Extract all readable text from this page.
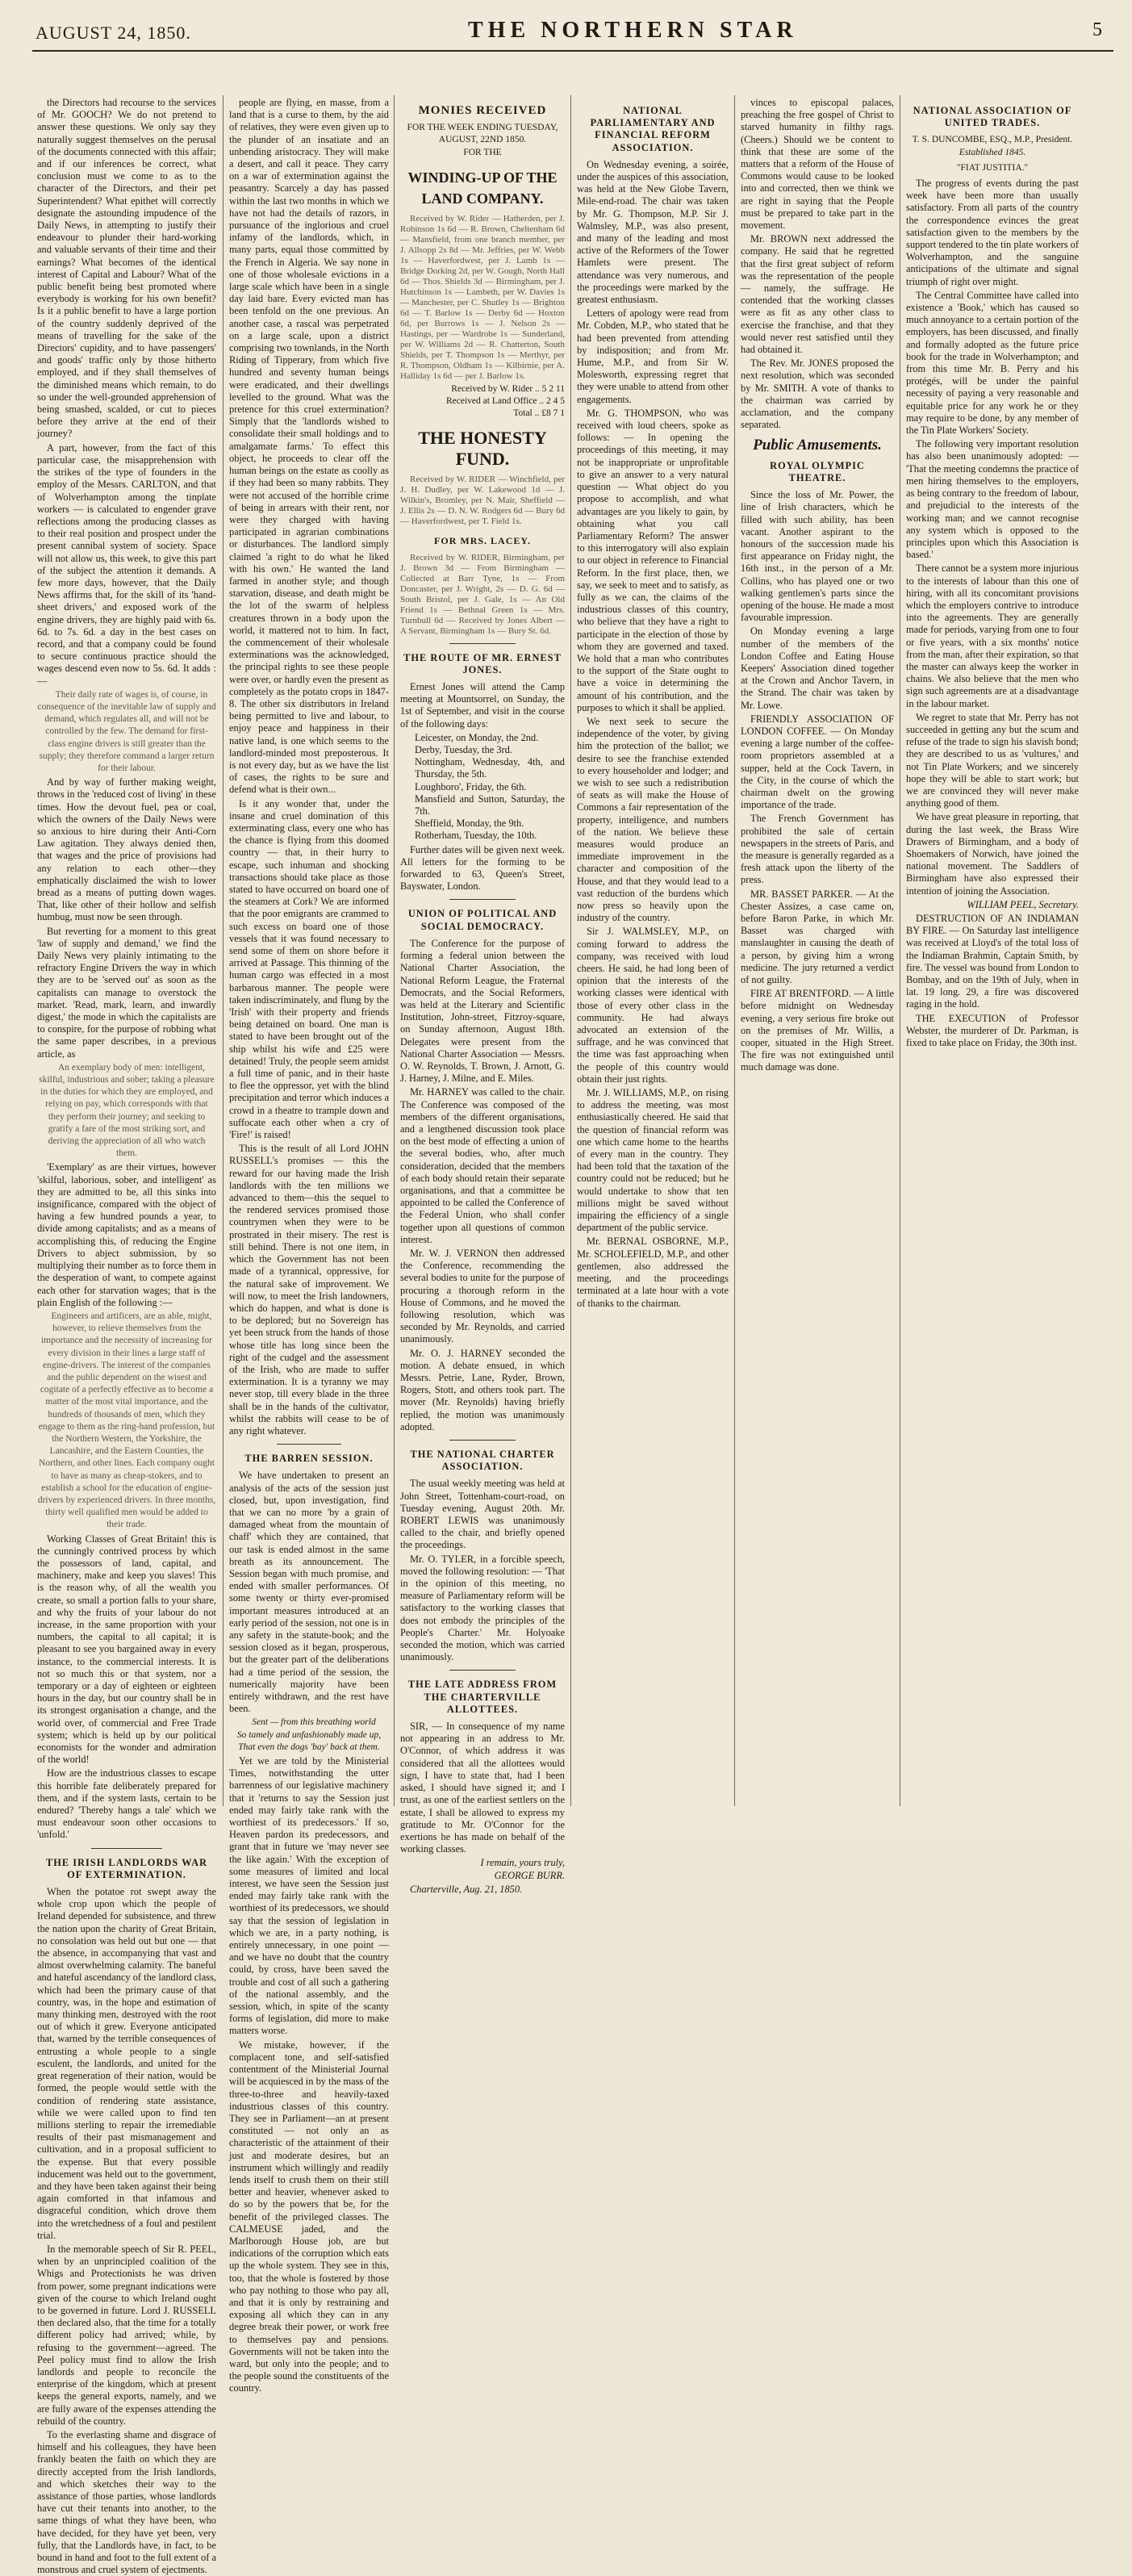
AUGUST 24, 1850.	THE NORTHERN STAR	5

the Directors had recourse to the services of Mr. GOOCH? We do not pretend to answer these questions. We only say they naturally suggest themselves on the perusal of the documents connected with this affair; and if our inferences be correct, what conclusion must we come to as to the character of the Directors, and their pet Superintendent? What epithet will correctly designate the astounding impudence of the Daily News, in attempting to justify their endeavour to plunder their hard-working and valuable servants of their time and their earnings? What becomes of the identical interest of Capital and Labour? What of the public benefit being best promoted where everybody is working for his own benefit? Is it a public benefit to have a large portion of the country suddenly deprived of the means of travelling for the sake of the Directors' cupidity, and to have passengers' and goods' traffic only by those hitherto employed, and if they shall themselves of the diminished means which remain, to do so under the well-grounded apprehension of being smashed, scalded, or cut to pieces before they arrive at the end of their journey?

A part, however, from the fact of this particular case, the misapprehension with the strikes of the type of founders in the employ of the Messrs. CARLTON, and that of Wolverhampton among the tinplate workers — is calculated to engender grave reflections among the producing classes as to their real position and prospect under the present cannibal system of society. Space will not allow us, this week, to give this part of the subject the attention it demands. A few more days, however, that the Daily News affirms that, for the skill of its 'hand-sheet drivers,' and exposed work of the engine drivers, they are highly paid with 6s. 6d. to 7s. 6d. a day in the best cases on record, and that a company could be found to secure continuous practice should the wages descend even now to 5s. 6d. It adds :—

Their daily rate of wages is, of course, in consequence of the inevitable law of supply and demand, which regulates all, and will not be controlled by the few. The demand for first-class engine drivers is still greater than the supply; they therefore command a larger return for their labour.

And by way of further making weight, throws in the 'reduced cost of living' in these times. How the devout fuel, pea or coal, which the owners of the Daily News were so anxious to hire during their Anti-Corn Law agitation. They always denied then, that wages and the price of provisions had any relation to each other—they emphatically disclaimed the wish to lower bread as a means of putting down wages. That, like other of their hollow and selfish humbug, must now be seen through.

But reverting for a moment to this great 'law of supply and demand,' we find the Daily News very plainly intimating to the refractory Engine Drivers the way in which they are to be 'served out' as soon as the capitalists can manage to overstock the market. 'Read, mark, learn, and inwardly digest,' the mode in which the capitalists are to conspire, for the purpose of robbing what the same paper describes, in a previous article, as

An exemplary body of men: intelligent, skilful, industrious and sober; taking a pleasure in the duties for which they are employed, and relying on pay, which corresponds with that they perform their journey; and seeking to gratify a fare of the most striking sort, and deriving the appreciation of all who watch them.

'Exemplary' as are their virtues, however 'skilful, laborious, sober, and intelligent' as they are admitted to be, all this sinks into insignificance, compared with the object of having a few hundred pounds a year, to divide among capitalists; and as a means of accomplishing this, of reducing the Engine Drivers to abject submission, by so multiplying their number as to force them in the desperation of want, to compete against each other for starvation wages; that is the plain English of the following :—

Engineers and artificers, are as able, might, however, to relieve themselves from the importance and the necessity of increasing for every division in their lines a large staff of engine-drivers. The interest of the companies and the public dependent on the wisest and cogitate of a perfectly effective as to become a matter of the most vital importance, and the hundreds of thousands of men, which they engage to them as the ring-hand profession, but the Northern Western, the Yorkshire, the Lancashire, and the Eastern Counties, the Northern, and other lines. Each company ought to have as many as cheap-stokers, and to establish a school for the education of engine-drivers by experienced drivers. In three months, thirty well qualified men would be added to their trade.

Working Classes of Great Britain! this is the cunningly contrived process by which the possessors of land, capital, and machinery, make and keep you slaves! This is the reason why, of all the wealth you create, so small a portion falls to your share, and why the fruits of your labour do not increase, in the same proportion with your numbers, the capital to all capital; it is pleasant to see you bargained away in every instance, to the commercial interests. It is not so much this or that system, nor a temporary or a day of eighteen or eighteen hours in the day, but our country shall be in its strongest organisation a change, and the world over, of commercial and Free Trade system; which is held up by our political economists for the wonder and admiration of the world!

How are the industrious classes to escape this horrible fate deliberately prepared for them, and if the system lasts, certain to be endured? 'Thereby hangs a tale' which we must endeavour soon other occasions to 'unfold.'

THE IRISH LANDLORDS WAR OF EXTERMINATION.

When the potatoe rot swept away the whole crop upon which the people of Ireland depended for subsistence, and threw the nation upon the charity of Great Britain, no consolation was held out but one — that the absence, in accompanying that vast and almost overwhelming calamity. The baneful and hateful ascendancy of the landlord class, which had been the primary cause of that country, was, in the hope and estimation of many thinking men, destroyed with the root out of which it grew. Everyone anticipated that, warned by the terrible consequences of entrusting a whole people to a single esculent, the landlords, and united for the great regeneration of their nation, would be formed, the people would settle with the condition of rendering state assistance, while we were called upon to find ten millions sterling to repair the irremediable results of their past mismanagement and cultivation, and in a proposal sufficient to the expense. But that every possible inducement was held out to the government, and they have been taken against their being again comforted in that infamous and disgraceful condition, which drove them into the wretchedness of a foul and pestilent trial.

In the memorable speech of Sir R. PEEL, when by an unprincipled coalition of the Whigs and Protectionists he was driven from power, some pregnant indications were given of the course to which Ireland ought to be governed in future. Lord J. RUSSELL then declared also, that the time for a totally different policy had arrived; while, by refusing to the government—agreed. The Peel policy must find to allow the Irish landlords and people to reconcile the enterprise of the kingdom, which at present keeps the general exports, namely, and we are fully aware of the expenses attending the rebuild of the country.

To the everlasting shame and disgrace of himself and his colleagues, they have been frankly beaten the faith on which they are directly accepted from the Irish landlords, and which sketches their way to the assistance of those parties, whose landlords have cut their tenants into another, to the same things of what they have been, who have decided, for they have yet been, very fully, that the Landlords have, in fact, to be bound in hand and foot to the full extent of a monstrous and cruel system of ejectments.

people are flying, en masse, from a land that is a curse to them, by the aid of relatives, they were even given up to the plunder of an insatiate and an unbending aristocracy. They will make a desert, and call it peace. They carry on a war of extermination against the peasantry. Scarcely a day has passed within the last two months in which we have not had the details of razors, in pursuance of the inglorious and cruel infamy of the landlords, which, in many parts, equal those committed by the French in Algeria. We say none in one of those wholesale evictions in a large scale which have been in a single day laid bare. Every evicted man has been tenfold on the one previous. An another case, a rascal was perpetrated on a large scale, upon a district comprising two townlands, in the North Riding of Tipperary, from which five hundred and seventy human beings were eradicated, and their dwellings levelled to the ground. What was the pretence for this cruel extermination? Simply that the 'landlords wished to consolidate their small holdings and to amalgamate farms.' To effect this object, he proceeds to clear off the human beings on the estate as coolly as if they had been so many rabbits. They were not accused of the horrible crime of being in arrears with their rent, nor were they charged with having participated in agrarian combinations or disturbances. The landlord simply claimed 'a right to do what he liked with his own.' He wanted the land farmed in another style; and though starvation, disease, and death might be the lot of the swarm of helpless creatures thrown in a body upon the world, it mattered not to him. In fact, the commencement of their wholesale exterminations was the acknowledged, the principal rights to see these people were over, or hardly even the present as completely as the potato crops in 1847-8. The other six distributors in Ireland being permitted to live and labour, to enjoy peace and happiness in their native land, is one which seems to the landlord-minded most preposterous. It is not every day, but as we have the list of cases, the rights to be sure and defend what is their own...

Is it any wonder that, under the insane and cruel domination of this exterminating class, every one who has the chance is flying from this doomed country — that, in their hurry to escape, such inhuman and shocking transactions should take place as those stated to have occurred on board one of the steamers at Cork? We are informed that the poor emigrants are crammed to such excess on board one of those vessels that it was found necessary to send some of them on shore before it arrived at Passage. This thinning of the human cargo was effected in a most barbarous manner. The people were taken indiscriminately, and flung by the 'Irish' with their property and friends being detained on board. One man is stated to have been brought out of the ship whilst his wife and £25 were detained! Truly, the people seem amidst a full time of panic, and in their haste to flee the oppressor, yet with the blind precipitation and terror which induces a crowd in a theatre to trample down and suffocate each other when a cry of 'Fire!' is raised!

This is the result of all Lord JOHN RUSSELL's promises — this the reward for our having made the Irish landlords with the ten millions we advanced to them—this the sequel to the rendered services promised those countrymen when they were to be prostrated in their misery. The rest is still behind. There is not one item, in which the Government has not been made of a tyrannical, oppressive, for the natural sake of improvement. We will now, to meet the Irish landowners, which do happen, and what is done is to be deplored; but no Sovereign has yet been struck from the hands of those whose title has long since been the right of the cudgel and the assessment of the Irish, who are made to suffer extermination. It is a tyranny we may never stop, till every blade in the three shall be in the hands of the cultivator, whilst the rabbits will cease to be of any right whatever.

THE BARREN SESSION.

We have undertaken to present an analysis of the acts of the session just closed, but, upon investigation, find that we can no more 'by a grain of damaged wheat from the mountain of chaff' which they are contained, that our task is ended almost in the same breath as its announcement. The Session began with much promise, and ended with smaller performances. Of some twenty or thirty ever-promised important measures introduced at an early period of the session, not one is in any safety in the statute-book; and the session closed as it began, prosperous, but the greater part of the deliberations had a time period of the session, the numerically majority have been entirely withdrawn, and the rest have been.

Sent — from this breathing world
So tamely and unfashionably made up,
That even the dogs 'bay' back at them.

Yet we are told by the Ministerial Times, notwithstanding the utter barrenness of our legislative machinery that it 'returns to say the Session just ended may fairly take rank with the worthiest of its predecessors.' If so, Heaven pardon its predecessors, and grant that in future we 'may never see the like again.' With the exception of some measures of limited and local interest, we have seen the Session just ended may fairly take rank with the worthiest of its predecessors, we should say that the session of legislation in which we are, in a party nothing, is entirely unnecessary, in one point — and we have no doubt that the country could, by cross, have been saved the trouble and cost of all such a gathering of the national assembly, and the session, which, in spite of the scanty forms of legislation, did more to make matters worse.

We mistake, however, if the complacent tone, and self-satisfied contentment of the Ministerial Journal will be acquiesced in by the mass of the three-to-three and heavily-taxed industrious classes of this country. They see in Parliament—an at present constituted — not only an as characteristic of the attainment of their just and moderate desires, but an instrument which willingly and readily lends itself to crush them on their still better and heavier, whenever asked to do so by the powers that be, for the benefit of the privileged classes. The CALMEUSE jaded, and the Marlborough House job, are but indications of the corruption which eats up the whole system. They see in this, too, that the whole is fostered by those who pay nothing to those who pay all, and that it is only by restraining and exposing all which they can in any degree break their power, or work free to themselves pay and pensions. Governments will not be taken into the ward, but only into the people; and to the people sound the constituents of the country.

MONIES RECEIVED
FOR THE WEEK ENDING TUESDAY, AUGUST, 22ND 1850.
FOR THE
WINDING-UP OF THE LAND COMPANY.

Received by W. Rider — Hatherden, per J. Robinson 1s 6d — R. Brown, Cheltenham 6d — Mansfield, from one branch member, per J. Allsopp 2s 8d — Mr. Jeffries, per W. Webb 1s — Haverfordwest, per J. Lamb 1s — Bridge Dorking 2d, per W. Gough, North Hall 6d — Thos. Shields 3d — Birmingham, per J. Hutchinson 1s — Lambeth, per W. Davies 1s — Manchester, per C. Shutley 1s — Brighton 6d — T. Barlow 1s — Derby 6d — Hoxton 6d, per Burrows 1s — J. Nelson 2s — Hastings, per — Wardrobe 1s — Sunderland, per W. Williams 2d — R. Chatterton, South Shields, per T. Thompson 1s — Merthyr, per R. Thompson, Oldham 1s — Kilbirnie, per A. Halliday 1s 6d — per J. Barlow 1s.

Received by W. Rider .. 5 2 11
Received at Land Office .. 2 4 5
Total .. £8 7 1

THE HONESTY FUND.

Received by W. RIDER — Winchfield, per J. H. Dudley, per W. Lakewood 1d — J. Wilkin's, Bromley, per N. Mair, Sheffield — J. Ellis 2s — D. N. W. Rodgers 6d — Bury 6d — Haverfordwest, per T. Field 1s.

FOR MRS. LACEY.

Received by W. RIDER, Birmingham, per J. Brown 3d — From Birmingham — Collected at Barr Tyne, 1s — From Doncaster, per J. Wright, 2s — D. G. 6d — South Bristol, per J. Gale, 1s — An Old Friend 1s — Bethnal Green 1s — Mrs. Turnbull 6d — Received by Jones Albert — A Servant, Birmingham 1s — Bury St. 6d.

THE ROUTE OF MR. ERNEST JONES.

Ernest Jones will attend the Camp meeting at Mountsorrel, on Sunday, the 1st of September, and visit in the course of the following days:

Leicester, on Monday, the 2nd.
Derby, Tuesday, the 3rd.
Nottingham, Wednesday, 4th, and Thursday, the 5th.
Loughboro', Friday, the 6th.
Mansfield and Sutton, Saturday, the 7th.
Sheffield, Monday, the 9th.
Rotherham, Tuesday, the 10th.

Further dates will be given next week. All letters for the forming to be forwarded to 63, Queen's Street, Bayswater, London.

UNION OF POLITICAL AND SOCIAL DEMOCRACY.

The Conference for the purpose of forming a federal union between the National Charter Association, the National Reform League, the Fraternal Democrats, and the Social Reformers, was held at the Literary and Scientific Institution, John-street, Fitzroy-square, on Sunday afternoon, August 18th. Delegates were present from the National Charter Association — Messrs. O. W. Reynolds, T. Brown, J. Arnott, G. J. Harney, J. Milne, and E. Miles.

Mr. HARNEY was called to the chair. The Conference was composed of the members of the different organisations, and a lengthened discussion took place on the best mode of effecting a union of the several bodies, who, after much consideration, decided that the members of each body should retain their separate organisations, and that a committee be appointed to be called the Conference of the Federal Union, who shall confer together upon all questions of common interest.

Mr. W. J. VERNON then addressed the Conference, recommending the several bodies to unite for the purpose of procuring a thorough reform in the House of Commons, and he moved the following resolution, which was seconded by Mr. Reynolds, and carried unanimously.

Mr. O. J. HARNEY seconded the motion. A debate ensued, in which Messrs. Petrie, Lane, Ryder, Brown, Rogers, Stott, and others took part. The mover (Mr. Reynolds) having briefly replied, the motion was unanimously adopted.

THE NATIONAL CHARTER ASSOCIATION.

The usual weekly meeting was held at John Street, Tottenham-court-road, on Tuesday evening, August 20th. Mr. ROBERT LEWIS was unanimously called to the chair, and briefly opened the proceedings.

Mr. O. TYLER, in a forcible speech, moved the following resolution: — 'That in the opinion of this meeting, no measure of Parliamentary reform will be satisfactory to the working classes that does not embody the principles of the People's Charter.' Mr. Holyoake seconded the motion, which was carried unanimously.

THE LATE ADDRESS FROM THE CHARTERVILLE ALLOTTEES.

SIR, — In consequence of my name not appearing in an address to Mr. O'Connor, of which address it was considered that all the allottees would sign, I have to state that, had I been asked, I should have signed it; and I trust, as one of the earliest settlers on the estate, I shall be allowed to express my gratitude to Mr. O'Connor for the exertions he has made on behalf of the working classes.

I remain, yours truly,
GEORGE BURR.

Charterville, Aug. 21, 1850.

NATIONAL PARLIAMENTARY AND FINANCIAL REFORM ASSOCIATION.

On Wednesday evening, a soirée, under the auspices of this association, was held at the New Globe Tavern, Mile-end-road. The chair was taken by Mr. G. Thompson, M.P. Sir J. Walmsley, M.P., was also present, and many of the leading and most active of the Reformers of the Tower Hamlets were present. The attendance was very numerous, and the proceedings were marked by the greatest enthusiasm.

Letters of apology were read from Mr. Cobden, M.P., who stated that he had been prevented from attending by indisposition; and from Mr. Hume, M.P., and from Sir W. Molesworth, expressing regret that they were unable to attend from other engagements.

Mr. G. THOMPSON, who was received with loud cheers, spoke as follows: — In opening the proceedings of this meeting, it may not be inappropriate or unprofitable to give an answer to a very natural question — What object do you propose to accomplish, and what advantages are you likely to gain, by obtaining what you call Parliamentary Reform? The answer to this interrogatory will also explain to our object in reference to Financial Reform. In the first place, then, we say, we seek to meet and to satisfy, as fully as we can, the claims of the industrious classes of this country, who believe that they have a right to participate in the election of those by whom they are governed and taxed. We hold that a man who contributes to the support of the State ought to have a voice in determining the amount of his contribution, and the purposes to which it shall be applied.

We next seek to secure the independence of the voter, by giving him the protection of the ballot; we desire to see the franchise extended to every householder and lodger; and we wish to see such a redistribution of seats as will make the House of Commons a fair representation of the property, intelligence, and numbers of the nation. We believe these measures would produce an immediate improvement in the character and composition of the House, and that they would lead to a vast reduction of the burdens which now press so heavily upon the industry of the country.

Sir J. WALMSLEY, M.P., on coming forward to address the company, was received with loud cheers. He said, he had long been of opinion that the interests of the working classes were identical with those of every other class in the community. He had always advocated an extension of the suffrage, and he was convinced that the time was fast approaching when the people of this country would obtain their just rights.

Mr. J. WILLIAMS, M.P., on rising to address the meeting, was most enthusiastically cheered. He said that the question of financial reform was one which came home to the hearths of every man in the country. They had been told that the taxation of the country could not be reduced; but he would undertake to show that ten millions might be saved without impairing the efficiency of a single department of the public service.

Mr. BERNAL OSBORNE, M.P., Mr. SCHOLEFIELD, M.P., and other gentlemen, also addressed the meeting, and the proceedings terminated at a late hour with a vote of thanks to the chairman.

vinces to episcopal palaces, preaching the free gospel of Christ to starved humanity in filthy rags. (Cheers.) Should we be content to think that these are some of the matters that a reform of the House of Commons would cause to be looked into and corrected, then we think we are right in saying that the People must be prepared to take part in the movement.

Mr. BROWN next addressed the company. He said that he regretted that the first great subject of reform was the representation of the people — namely, the suffrage. He contended that the working classes were as fit as any other class to exercise the franchise, and that they would never rest satisfied until they had obtained it.

The Rev. Mr. JONES proposed the next resolution, which was seconded by Mr. SMITH. A vote of thanks to the chairman was carried by acclamation, and the company separated.

Public Amusements.
ROYAL OLYMPIC THEATRE.

Since the loss of Mr. Power, the line of Irish characters, which he filled with such ability, has been vacant. Another aspirant to the honours of the succession made his first appearance on Friday night, the 16th inst., in the person of a Mr. Collins, who has played one or two walking gentlemen's parts since the opening of the house. He made a most favourable impression.

On Monday evening a large number of the members of the London Coffee and Eating House Keepers' Association dined together at the Crown and Anchor Tavern, in the Strand. The chair was taken by Mr. Lowe.

FRIENDLY ASSOCIATION OF LONDON COFFEE. — On Monday evening a large number of the coffee-room proprietors assembled at a supper, held at the Cock Tavern, in the City, in the course of which the chairman dwelt on the growing importance of the trade.

The French Government has prohibited the sale of certain newspapers in the streets of Paris, and the measure is generally regarded as a fresh attack upon the liberty of the press.

MR. BASSET PARKER. — At the Chester Assizes, a case came on, before Baron Parke, in which Mr. Basset was charged with manslaughter in causing the death of a person, by giving him a wrong medicine. The jury returned a verdict of not guilty.

FIRE AT BRENTFORD. — A little before midnight on Wednesday evening, a very serious fire broke out on the premises of Mr. Willis, a cooper, situated in the High Street. The fire was not extinguished until much damage was done.

NATIONAL ASSOCIATION OF UNITED TRADES.
T. S. DUNCOMBE, ESQ., M.P., President.
Established 1845.
"FIAT JUSTITIA."

The progress of events during the past week have been more than usually satisfactory. From all parts of the country the correspondence evinces the great satisfaction given to the members by the support tendered to the tin plate workers of Wolverhampton, and the sanguine anticipations of the ultimate and signal triumph of right over might.

The Central Committee have called into existence a 'Book,' which has caused so much annoyance to a certain portion of the employers, has been discussed, and finally and formally adopted as the future price book for the trade in Wolverhampton; and from this time Mr. B. Perry and his protégés, will be under the painful necessity of paying a very reasonable and equitable price for any work he or they may require to be done, by any member of the Tin Plate Workers' Society.

The following very important resolution has also been unanimously adopted: — 'That the meeting condemns the practice of men hiring themselves to the employers, as being contrary to the freedom of labour, and prejudicial to the interests of the working man; and we cannot recognise any system which is opposed to the principles upon which this Association is based.'

There cannot be a system more injurious to the interests of labour than this one of hiring, with all its concomitant provisions which the employers contrive to introduce into the agreements. They are generally made for periods, varying from one to four or five years, with a six months' notice from the man, after their expiration, so that the master can always keep the worker in chains. We also believe that the men who sign such agreements are at a disadvantage in the labour market.

We regret to state that Mr. Perry has not succeeded in getting any but the scum and refuse of the trade to sign his slavish bond; they are described to us as 'vultures,' and not Tin Plate Workers; and we sincerely hope they will be able to start work; but we are convinced they will never make anything good of them.

We have great pleasure in reporting, that during the last week, the Brass Wire Drawers of Birmingham, and a body of Shoemakers of Norwich, have joined the national movement. The Saddlers of Birmingham have also expressed their intention of joining the Association.

WILLIAM PEEL, Secretary.

DESTRUCTION OF AN INDIAMAN BY FIRE. — On Saturday last intelligence was received at Lloyd's of the total loss of the Indiaman Brahmin, Captain Smith, by fire. The vessel was bound from London to Bombay, and on the 19th of July, when in lat. 19 long. 29, a fire was discovered raging in the hold.

THE EXECUTION of Professor Webster, the murderer of Dr. Parkman, is fixed to take place on Friday, the 30th inst.
